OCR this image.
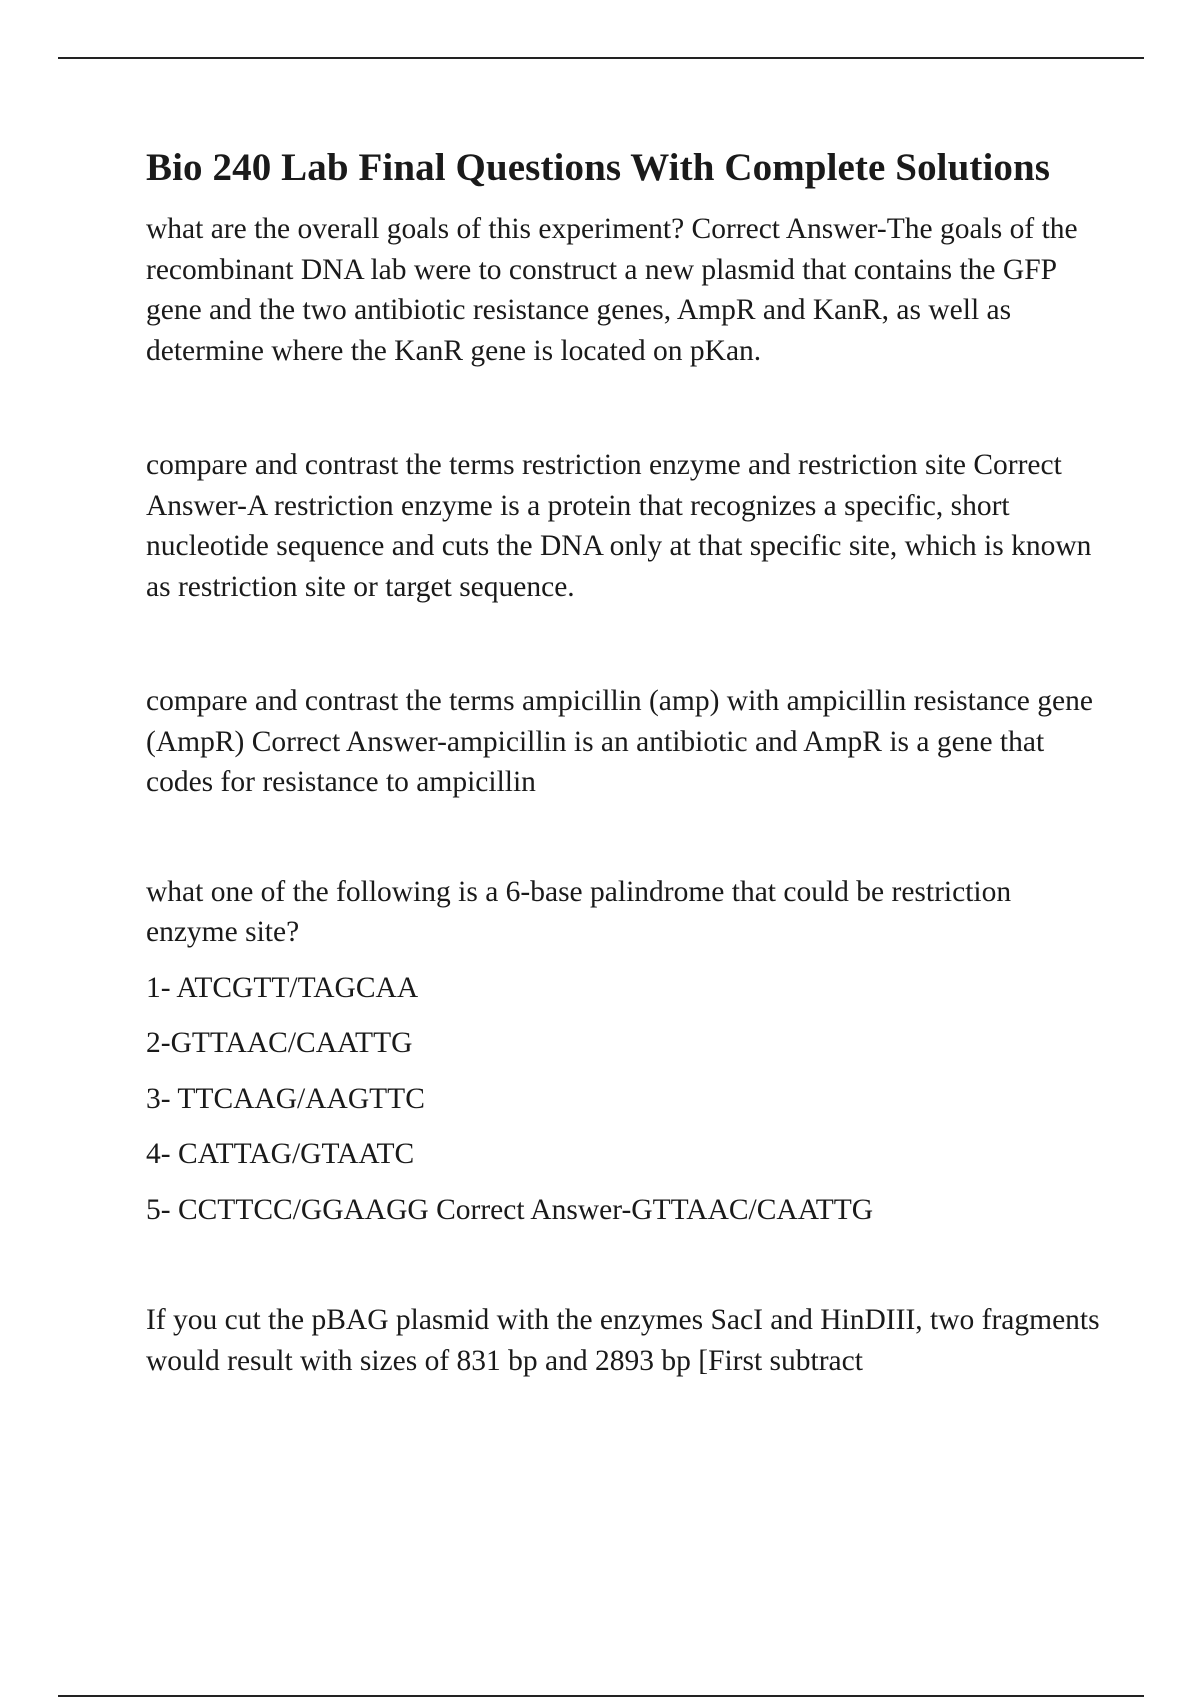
Bio 240 Lab Final Questions With Complete Solutions

what are the overall goals of this experiment? Correct Answer-The goals of the recombinant DNA lab were to construct a new plasmid that contains the GFP gene and the two antibiotic resistance genes, AmpR and KanR, as well as determine where the KanR gene is located on pKan.

compare and contrast the terms restriction enzyme and restriction site Correct Answer-A restriction enzyme is a protein that recognizes a specific, short nucleotide sequence and cuts the DNA only at that specific site, which is known as restriction site or target sequence.

compare and contrast the terms ampicillin (amp) with ampicillin resistance gene (AmpR) Correct Answer-ampicillin is an antibiotic and AmpR is a gene that codes for resistance to ampicillin

what one of the following is a 6-base palindrome that could be restriction enzyme site?

1- ATCGTT/TAGCAA

2-GTTAAC/CAATTG

3- TTCAAG/AAGTTC

4- CATTAG/GTAATC

5- CCTTCC/GGAAGG Correct Answer-GTTAAC/CAATTG

If you cut the pBAG plasmid with the enzymes SacI and HinDIII, two fragments would result with sizes of 831 bp and 2893 bp [First subtract
